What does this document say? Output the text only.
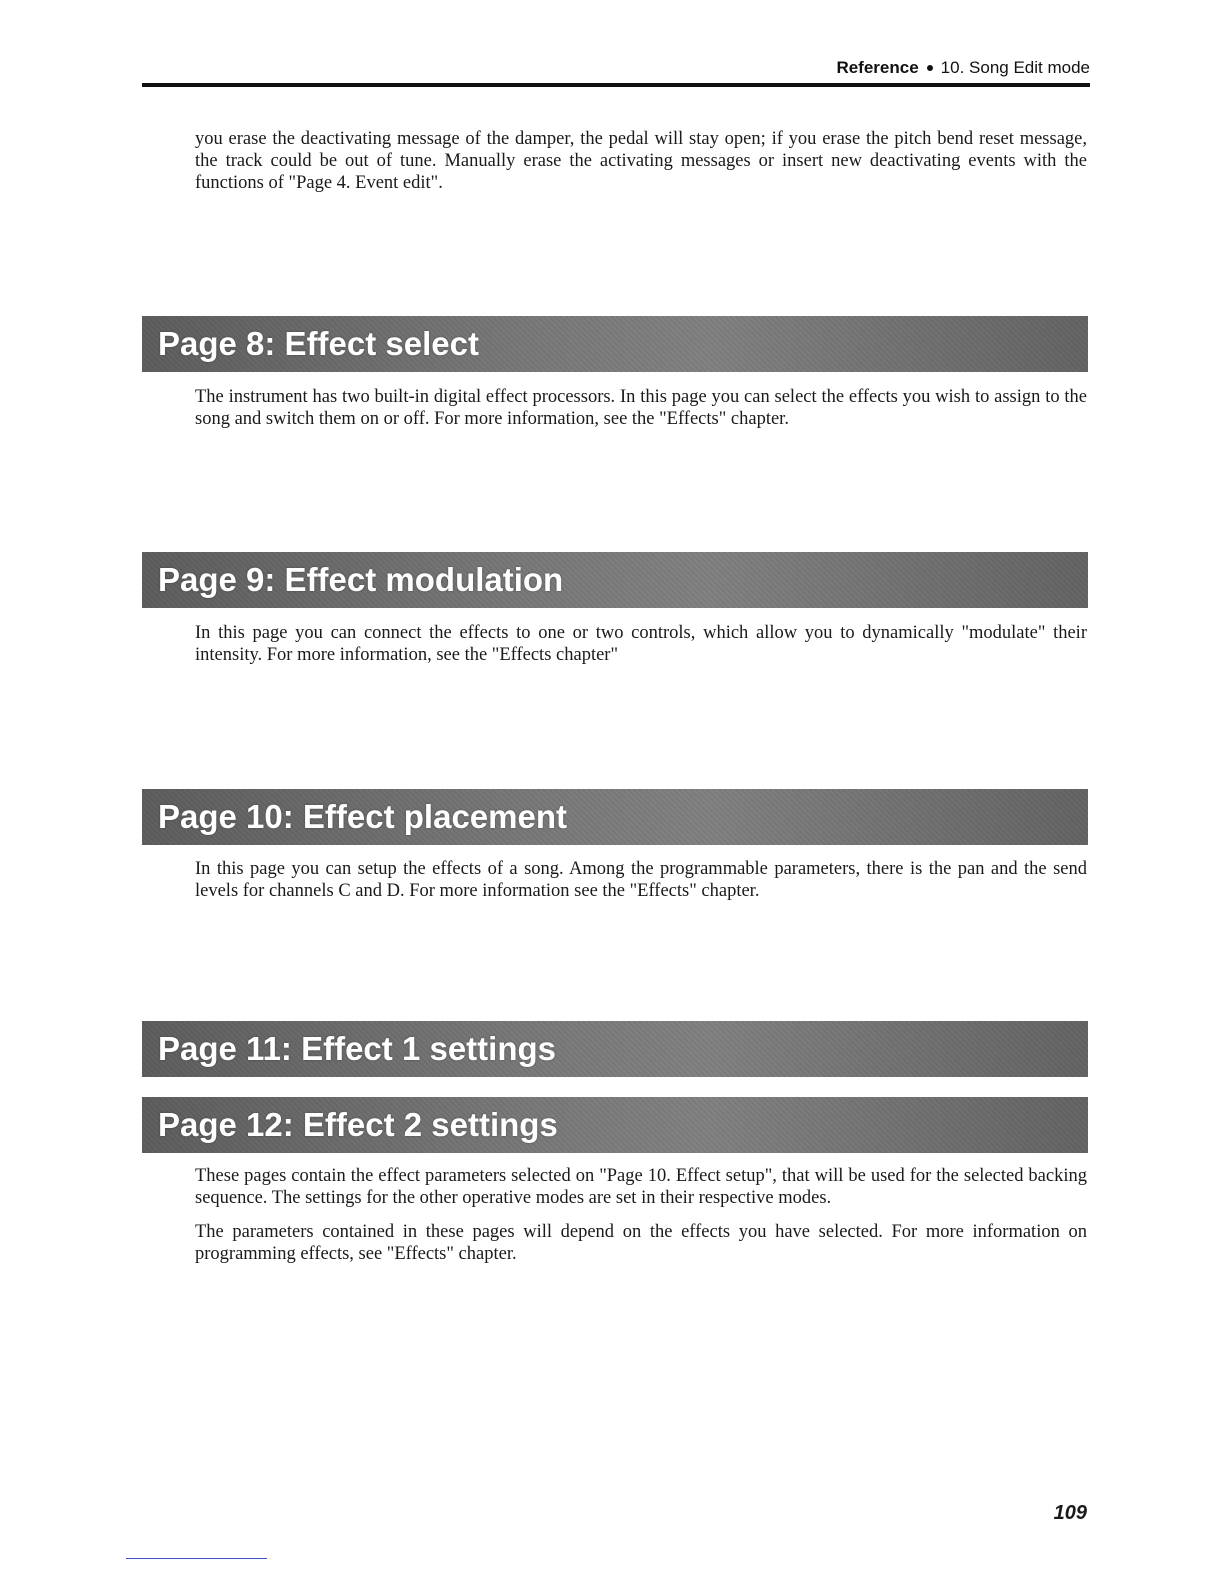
Reference 10. Song Edit mode

you erase the deactivating message of the damper, the pedal will stay open; if you erase the pitch bend reset message, the track could be out of tune. Manually erase the activating messages or insert new deactivating events with the functions of "Page 4. Event edit".

Page 8: Effect select

The instrument has two built-in digital effect processors. In this page you can select the effects you wish to assign to the song and switch them on or off. For more information, see the "Effects" chapter.

Page 9: Effect modulation

In this page you can connect the effects to one or two controls, which allow you to dynamically "modulate" their intensity. For more information, see the "Effects chapter"

Page 10: Effect placement

In this page you can setup the effects of a song. Among the programmable parameters, there is the pan and the send levels for channels C and D. For more information see the "Effects" chapter.

Page 11: Effect 1 settings
Page 12: Effect 2 settings

These pages contain the effect parameters selected on "Page 10. Effect setup", that will be used for the selected backing sequence. The settings for the other operative modes are set in their respective modes.

The parameters contained in these pages will depend on the effects you have selected. For more information on programming effects, see "Effects" chapter.

109
